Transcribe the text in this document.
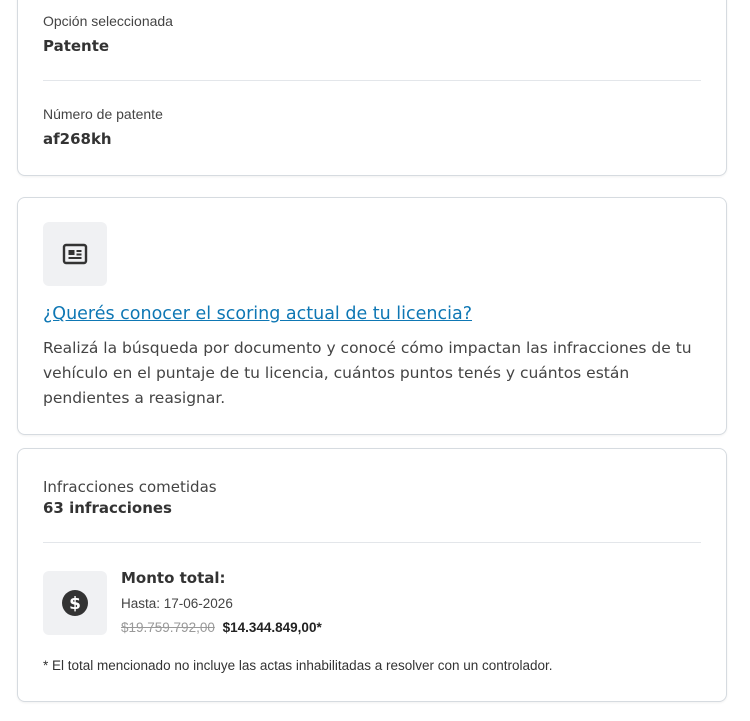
Opción seleccionada
Patente
Número de patente
af268kh
¿Querés conocer el scoring actual de tu licencia?
Realizá la búsqueda por documento y conocé cómo impactan las infracciones de tu vehículo en el puntaje de tu licencia, cuántos puntos tenés y cuántos están pendientes a reasignar.
Infracciones cometidas
63 infracciones
$
Monto total:
Hasta: 17-06-2026
$19.759.792,00 $14.344.849,00*
* El total mencionado no incluye las actas inhabilitadas a resolver con un controlador.
